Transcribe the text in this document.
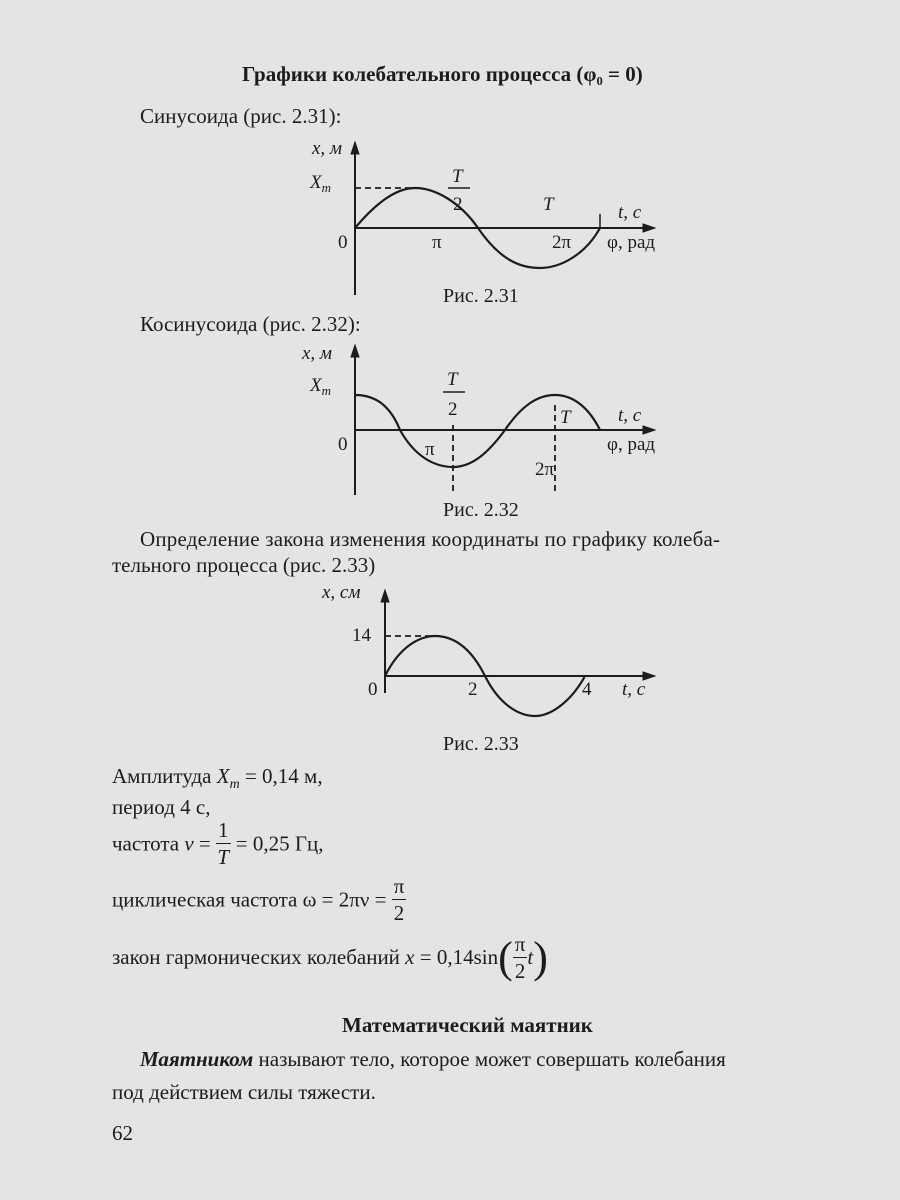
Графики колебательного процесса (φ₀ = 0)
Синусоида (рис. 2.31):
x, м
$X_m$
T
2	T	t, с
0	π	2π φ, рад
Рис. 2.31
Косинусоида (рис. 2.32):
x, м
$X_m$
T
2	T t, с
0	π
2π
φ, рад
Рис. 2.32
Определение закона изменения координаты по графику колеба-
тельного процесса (рис. 2.33)
x, см
14
0	2	4 t, с
Рис. 2.33
Амплитуда $X_m = 0,14$ м,
период 4 с,
частота $\nu = \frac{1}{T} = 0,25$ Гц,
циклическая частота $\omega = 2\pi\nu = \frac{\pi}{2}$
закон гармонических колебаний $x = 0,14\sin( \frac{\pi}{2} t)$
Математический маятник
Маятником называют тело, которое может совершать колебания
под действием силы тяжести.
62
